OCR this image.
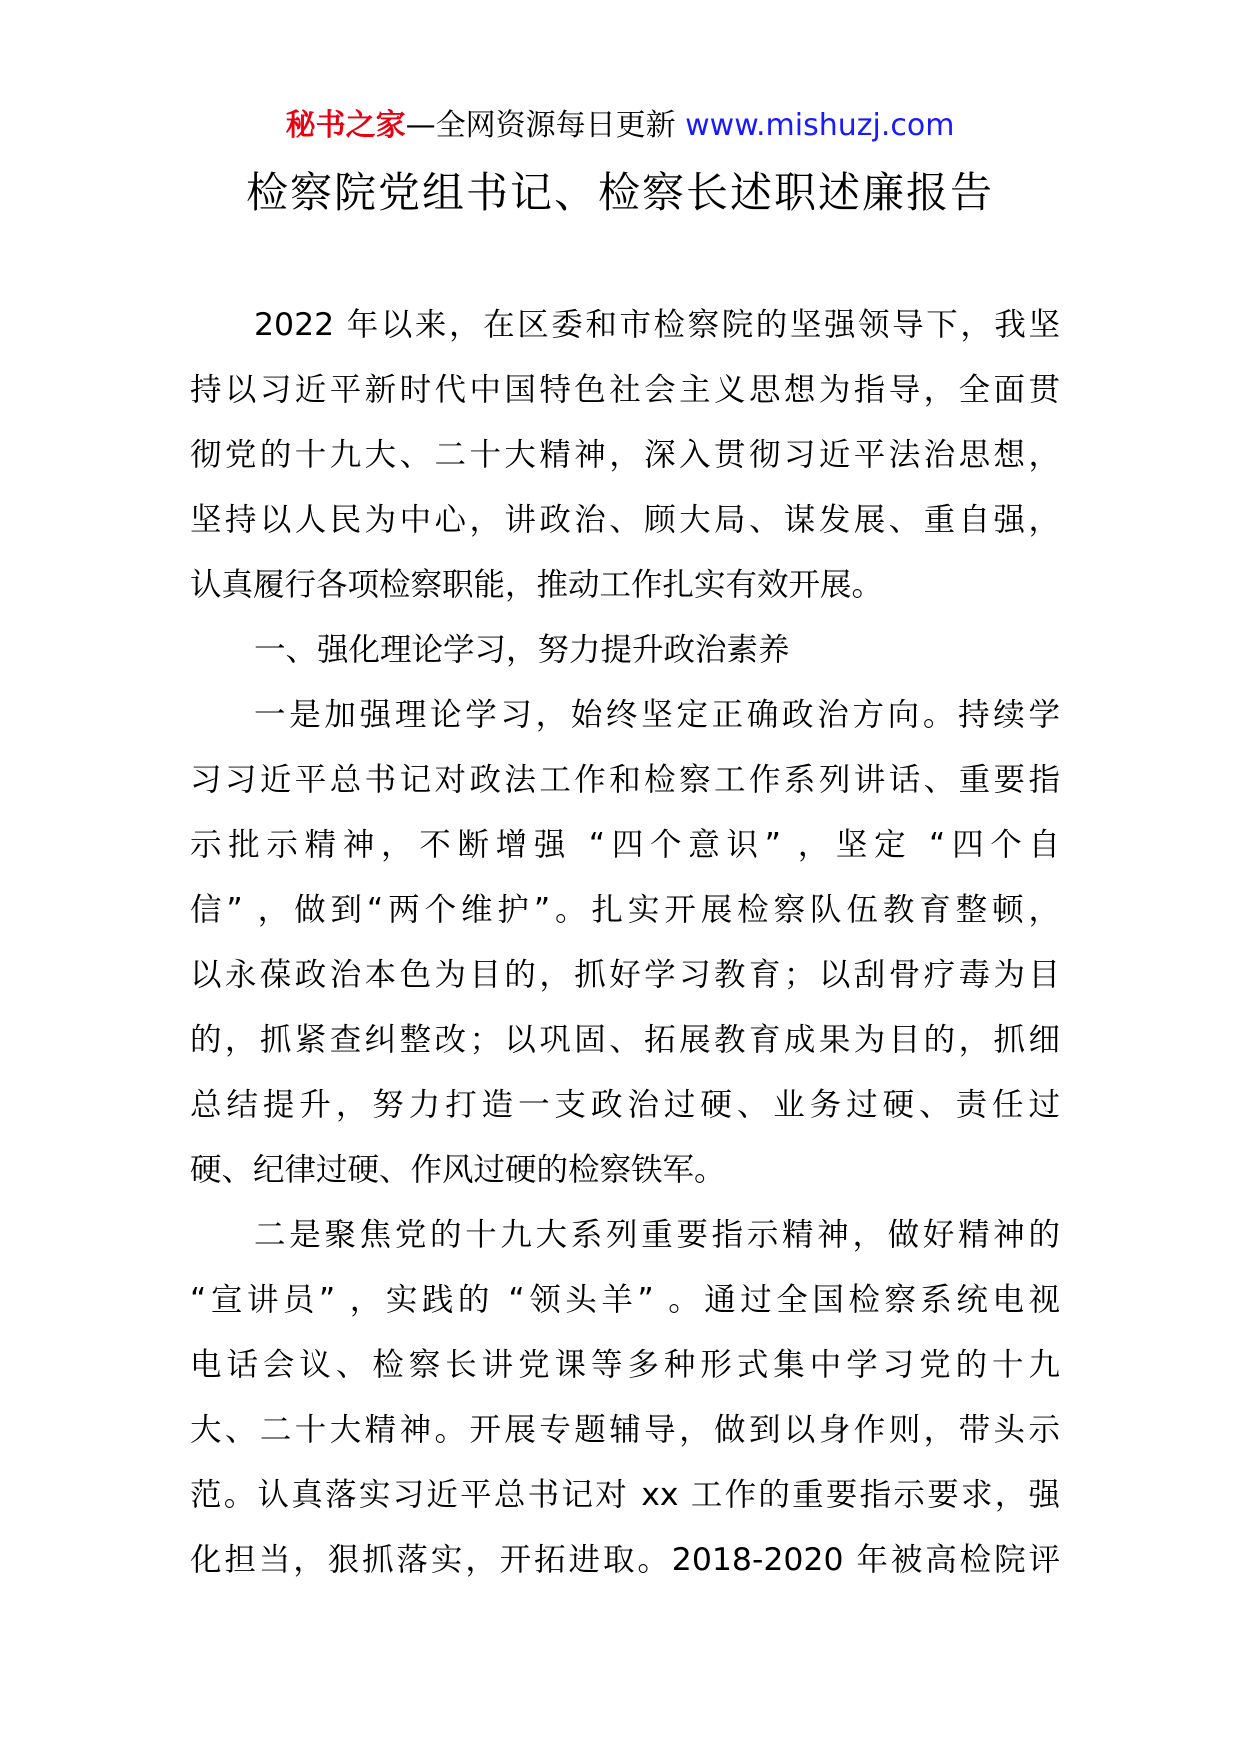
秘书之家—全网资源每日更新 www.mishuzj.com
检察院党组书记、检察长述职述廉报告
2022 年以来，在区委和市检察院的坚强领导下，我坚
持以习近平新时代中国特色社会主义思想为指导，全面贯
彻党的十九大、二十大精神，深入贯彻习近平法治思想，
坚持以人民为中心，讲政治、顾大局、谋发展、重自强，
认真履行各项检察职能，推动工作扎实有效开展。
一、强化理论学习，努力提升政治素养
一是加强理论学习，始终坚定正确政治方向。持续学
习习近平总书记对政法工作和检察工作系列讲话、重要指
示批示精神，不断增强 “四个意识” ，坚定 “四个自
信” ，做到“两个维护”。扎实开展检察队伍教育整顿，
以永葆政治本色为目的，抓好学习教育；以刮骨疗毒为目
的，抓紧查纠整改；以巩固、拓展教育成果为目的，抓细
总结提升，努力打造一支政治过硬、业务过硬、责任过
硬、纪律过硬、作风过硬的检察铁军。
二是聚焦党的十九大系列重要指示精神，做好精神的
“宣讲员” ，实践的 “领头羊” 。通过全国检察系统电视
电话会议、检察长讲党课等多种形式集中学习党的十九
大、二十大精神。开展专题辅导，做到以身作则，带头示
范。认真落实习近平总书记对 xx 工作的重要指示要求，强
化担当，狠抓落实，开拓进取。2018-2020 年被高检院评
